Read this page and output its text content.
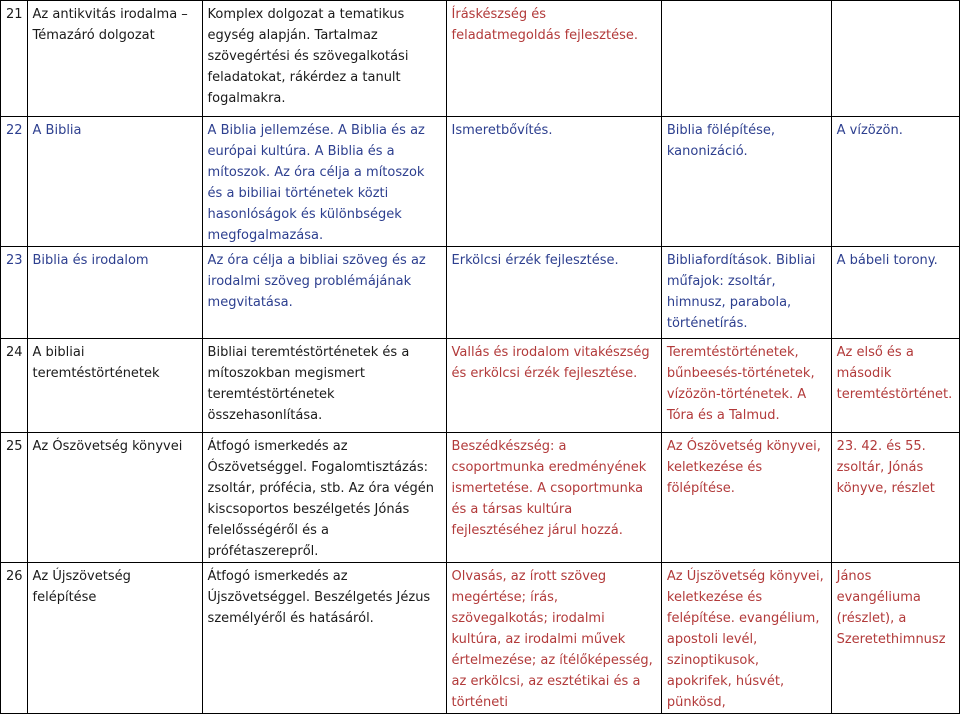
21	Az antikvitás irodalma – Témazáró dolgozat	Komplex dolgozat a tematikus egység alapján. Tartalmaz szövegértési és szövegalkotási feladatokat, rákérdez a tanult fogalmakra.	Íráskészség és feladatmegoldás fejlesztése.		
22	A Biblia	A Biblia jellemzése. A Biblia és az európai kultúra. A Biblia és a mítoszok. Az óra célja a mítoszok és a bibiliai történetek közti hasonlóságok és különbségek megfogalmazása.	Ismeretbővítés.	Biblia fölépítése, kanonizáció.	A vízözön.
23	Biblia és irodalom	Az óra célja a bibliai szöveg és az irodalmi szöveg problémájának megvitatása.	Erkölcsi érzék fejlesztése.	Bibliafordítások. Bibliai műfajok: zsoltár, himnusz, parabola, történetírás.	A bábeli torony.
24	A bibliai teremtéstörténetek	Bibliai teremtéstörténetek és a mítoszokban megismert teremtéstörténetek összehasonlítása.	Vallás és irodalom vitakészség és erkölcsi érzék fejlesztése.	Teremtéstörténetek, bűnbeesés-történetek, vízözön-történetek. A Tóra és a Talmud.	Az első és a második teremtéstörténet.
25	Az Ószövetség könyvei	Átfogó ismerkedés az Ószövetséggel. Fogalomtisztázás: zsoltár, prófécia, stb. Az óra végén kiscsoportos beszélgetés Jónás felelősségéről és a prófétaszerepről.	Beszédkészség: a csoportmunka eredményének ismertetése. A csoportmunka és a társas kultúra fejlesztéséhez járul hozzá.	Az Ószövetség könyvei, keletkezése és fölépítése.	23. 42. és 55. zsoltár, Jónás könyve, részlet
26	Az Újszövetség felépítése	Átfogó ismerkedés az Újszövetséggel. Beszélgetés Jézus személyéről és hatásáról.	Olvasás, az írott szöveg megértése; írás, szövegalkotás; irodalmi kultúra, az irodalmi művek értelmezése; az ítélőképesség, az erkölcsi, az esztétikai és a történeti	Az Újszövetség könyvei, keletkezése és felépítése. evangélium, apostoli levél, szinoptikusok, apokrifek, húsvét, pünkösd,	János evangéliuma (részlet), a Szeretethimnusz
